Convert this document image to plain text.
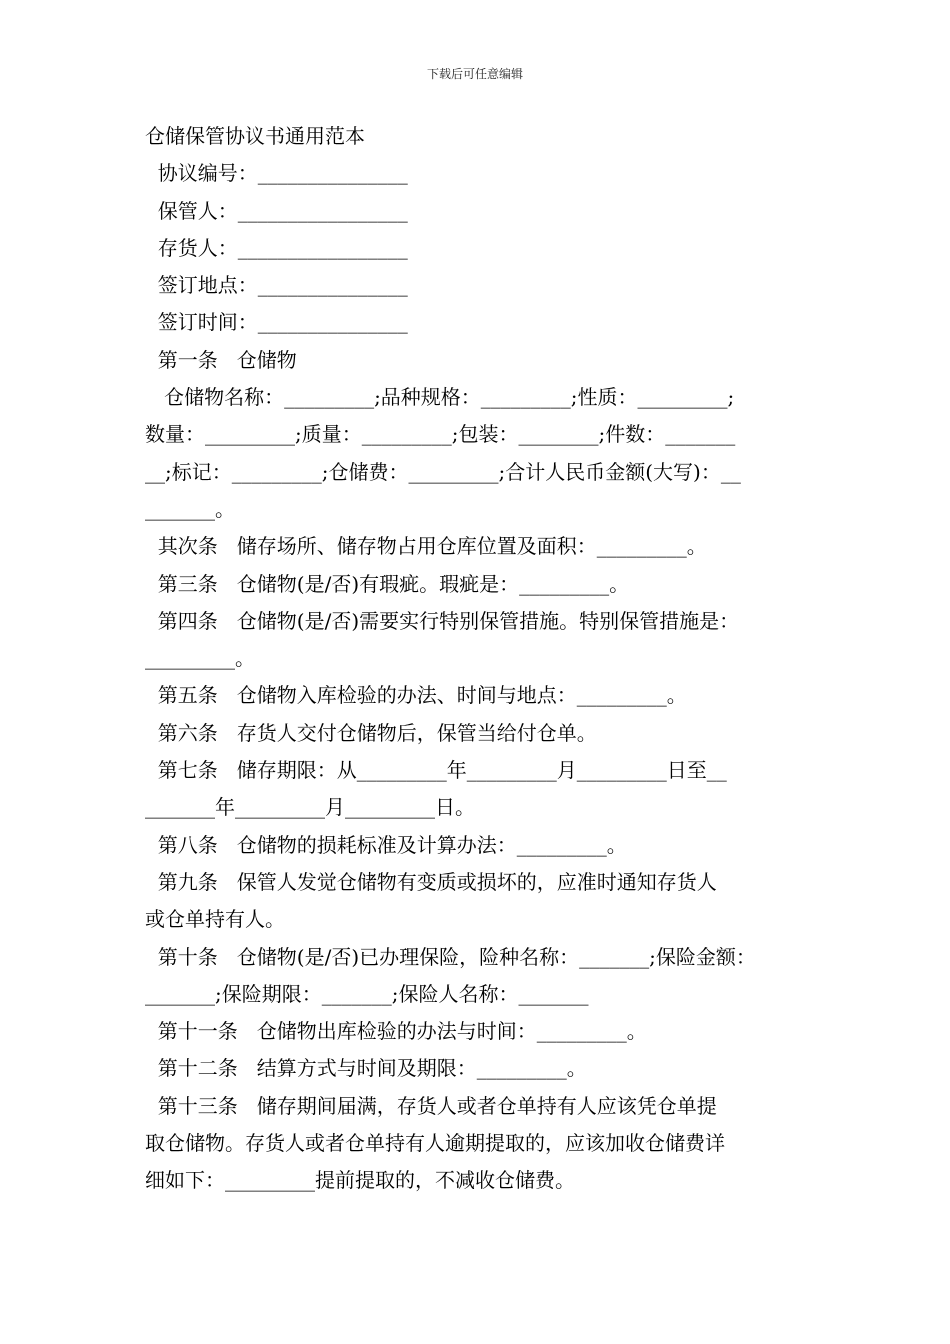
下载后可任意编辑
仓储保管协议书通用范本
协议编号：_______________
保管人：_________________
存货人：_________________
签订地点：_______________
签订时间：_______________
第一条   仓储物
仓储物名称：_________;品种规格：_________;性质：_________;
数量：_________;质量：_________;包装：________;件数：_______
__;标记：_________;仓储费：_________;合计人民币金额(大写)：__
_______。
其次条   储存场所、储存物占用仓库位置及面积：_________。
第三条   仓储物(是/否)有瑕疵。瑕疵是：_________。
第四条   仓储物(是/否)需要实行特别保管措施。特别保管措施是：
_________。
第五条   仓储物入库检验的办法、时间与地点：_________。
第六条   存货人交付仓储物后，保管当给付仓单。
第七条   储存期限：从_________年_________月_________日至__
_______年_________月_________日。
第八条   仓储物的损耗标准及计算办法：_________。
第九条   保管人发觉仓储物有变质或损坏的，应准时通知存货人
或仓单持有人。
第十条   仓储物(是/否)已办理保险，险种名称：_______;保险金额：
_______;保险期限：_______;保险人名称：_______
第十一条   仓储物出库检验的办法与时间：_________。
第十二条   结算方式与时间及期限：_________。
第十三条   储存期间届满，存货人或者仓单持有人应该凭仓单提
取仓储物。存货人或者仓单持有人逾期提取的，应该加收仓储费详
细如下：_________提前提取的，不减收仓储费。
